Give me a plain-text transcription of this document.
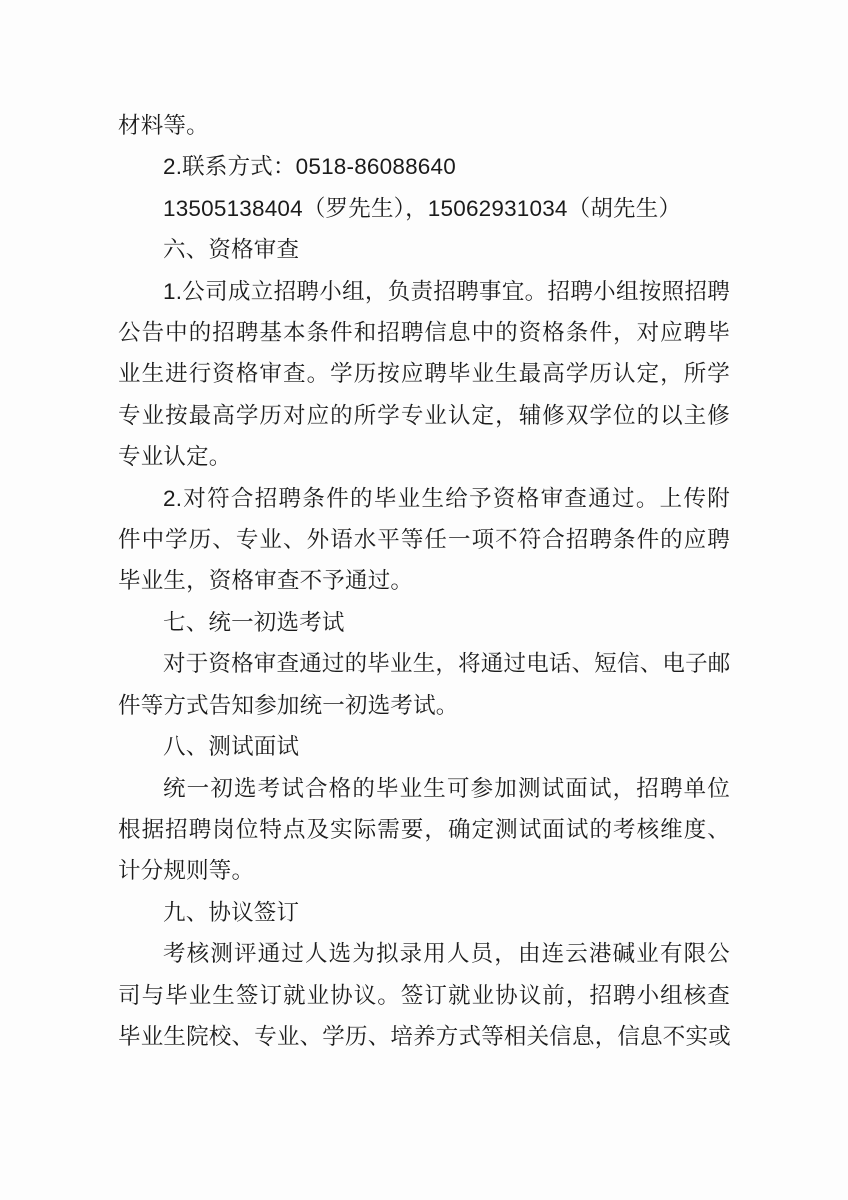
材料等。
2.联系方式：0518-86088640
13505138404（罗先生），15062931034（胡先生）
六、资格审查
1.公司成立招聘小组，负责招聘事宜。招聘小组按照招聘
公告中的招聘基本条件和招聘信息中的资格条件，对应聘毕
业生进行资格审查。学历按应聘毕业生最高学历认定，所学
专业按最高学历对应的所学专业认定，辅修双学位的以主修
专业认定。
2.对符合招聘条件的毕业生给予资格审查通过。上传附
件中学历、专业、外语水平等任一项不符合招聘条件的应聘
毕业生，资格审查不予通过。
七、统一初选考试
对于资格审查通过的毕业生，将通过电话、短信、电子邮
件等方式告知参加统一初选考试。
八、测试面试
统一初选考试合格的毕业生可参加测试面试，招聘单位
根据招聘岗位特点及实际需要，确定测试面试的考核维度、
计分规则等。
九、协议签订
考核测评通过人选为拟录用人员，由连云港碱业有限公
司与毕业生签订就业协议。签订就业协议前，招聘小组核查
毕业生院校、专业、学历、培养方式等相关信息，信息不实或
